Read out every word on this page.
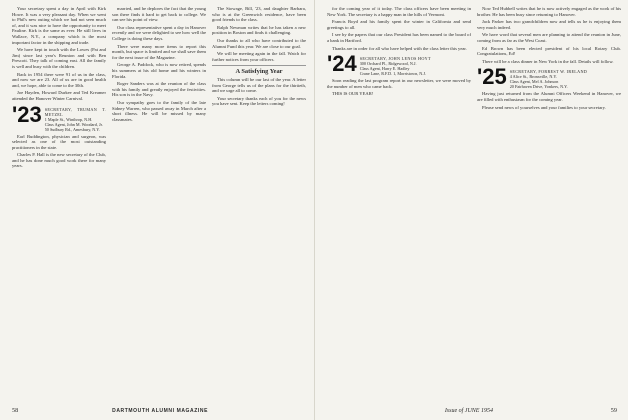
Your secretary spent a day in April with Kirk Howe. It was a very pleasant day. When we went to Phil's new outing which we had not seen much of, and it was nice to have the opportunity to meet Pauline. Kirk is the same as ever. He still lives in Wallace, N.Y., a company which is the most important factor in the shipping and trade.

We have kept in touch with the Lowes (Pat and Jim) since last year's Reunion and with Ben Prescott. They talk of coming east. All the family is well and busy with the children.

Back in 1954 there were 91 of us in the class, and now we are 23. All of us are in good health and, we hope, able to come to the 30th.

Joe Hayden, Howard Durkee and Ted Kreamer attended the Hanover Winter Carnival.

'23 SECRETARY, TRUMAN T. METZEL
1 Maple St., Winthrop, N.H.
Class Agent, John M. Woodard, Jr.
50 Sudbury Rd., Amesbury, N.Y.

Earl Buddington, physician and surgeon, was selected as one of the most outstanding practitioners in the state.

Charles P. Hall is the new secretary of the Club, and he has done much good work there for many years.

married, and he deplores the fact that the young son there finds it hard to get back to college. We can see his point of view.

Our class representative spent a day in Hanover recently and we were delighted to see how well the College is doing these days.

There were many more items to report this month, but space is limited and we shall save them for the next issue of the Magazine.

George A. Paddock, who is now retired, spends his summers at his old home and his winters in Florida.

Roger Sanders was at the reunion of the class with his family and greatly enjoyed the festivities. His son is in the Navy.

Our sympathy goes to the family of the late Sidney Warren, who passed away in March after a short illness. He will be missed by many classmates.

The Stowage, Bill, '23, and daughter Barbara, who is at the Greenwich residence, have been good friends to the class.

Ralph Newman writes that he has taken a new position in Boston and finds it challenging.

Our thanks to all who have contributed to the Alumni Fund this year. We are close to our goal.

We will be meeting again in the fall. Watch for further notices from your officers.

A Satisfying Year

This column will be our last of the year. A letter from George tells us of the plans for the thirtieth, and we urge all to come.

Your secretary thanks each of you for the news you have sent. Keep the letters coming!

58	DARTMOUTH ALUMNI MAGAZINE

for the coming year of it today. The class officers have been meeting in New York. The secretary is a happy man in the hills of Vermont.

Francis Boyd and his family spent the winter in California and send greetings to all.

I see by the papers that our class President has been named to the board of a bank in Hartford.

Thanks are in order for all who have helped with the class letter this year.

'24 SECRETARY, JOHN LENOS HOYT
300 Orchard Pl., Ridgewood, N.J.
Class Agent, Harry E. Hadley
Crane Lane, R.F.D. 1, Morristown, N.J.

Soon reading the last program report in our newsletter, we were moved by the number of men who came back.

THIS IS OUR YEAR!

Now Ted Hubbell writes that he is now actively engaged as the work of his brother. He has been busy since returning to Hanover.

Jack Parker has two grandchildren now and tells us he is enjoying them very much indeed.

We have word that several men are planning to attend the reunion in June, coming from as far as the West Coast.

Ed Brown has been elected president of his local Rotary Club. Congratulations, Ed!

There will be a class dinner in New York in the fall. Details will follow.

'25 SECRETARY, FORREST W. IRELAND
4 Alice St., Bronxville, N.Y.
Class Agent, Mel A. Johnson
20 Fairhaven Drive, Yonkers, N.Y.

Having just returned from the Alumni Officers Weekend in Hanover, we are filled with enthusiasm for the coming year.

Please send news of yourselves and your families to your secretary.

Issue of JUNE 1954	59
